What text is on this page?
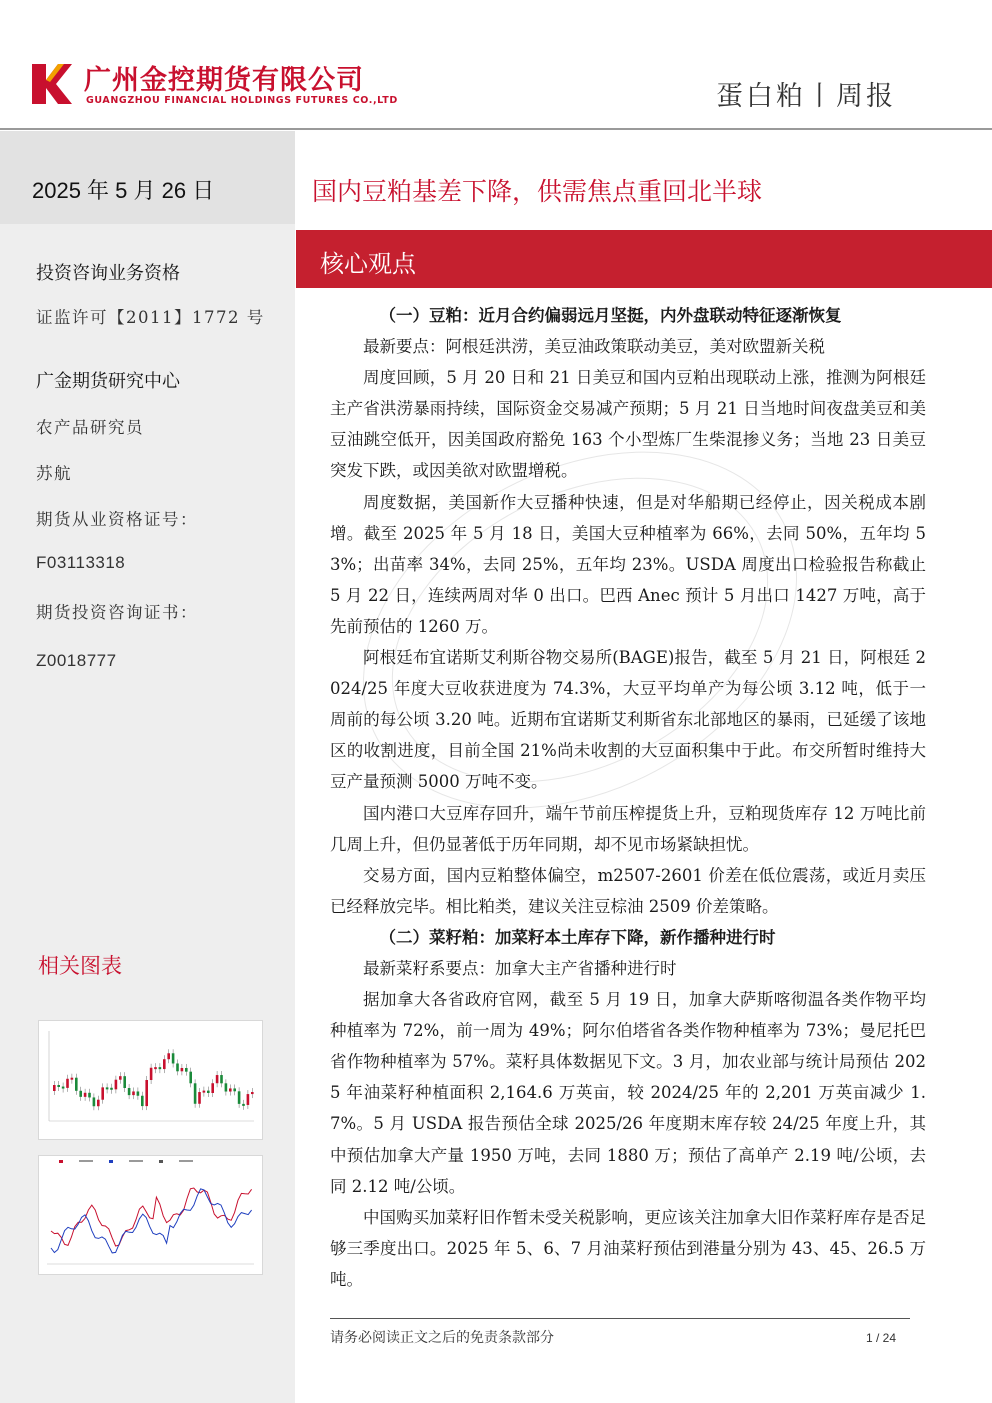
广州金控期货有限公司
GUANGZHOU FINANCIAL HOLDINGS FUTURES CO.,LTD	蛋白粕丨周报
2025 年 5 月 26 日
投资咨询业务资格
证监许可【2011】1772 号
广金期货研究中心
农产品研究员
苏航
期货从业资格证号：
F03113318
期货投资咨询证书：
Z0018777
相关图表
国内豆粕基差下降，供需焦点重回北半球
核心观点

（一）豆粕：近月合约偏弱远月坚挺，内外盘联动特征逐渐恢复

最新要点：阿根廷洪涝，美豆油政策联动美豆，美对欧盟新关税

周度回顾，5 月 20 日和 21 日美豆和国内豆粕出现联动上涨，推测为阿根廷主产省洪涝暴雨持续，国际资金交易减产预期；5 月 21 日当地时间夜盘美豆和美豆油跳空低开，因美国政府豁免 163 个小型炼厂生柴混掺义务；当地 23 日美豆突发下跌，或因美欲对欧盟增税。

周度数据，美国新作大豆播种快速，但是对华船期已经停止，因关税成本剧增。截至 2025 年 5 月 18 日，美国大豆种植率为 66%，去同 50%，五年均 53%；出苗率 34%，去同 25%，五年均 23%。USDA 周度出口检验报告称截止 5 月 22 日，连续两周对华 0 出口。巴西 Anec 预计 5 月出口 1427 万吨，高于先前预估的 1260 万。

阿根廷布宜诺斯艾利斯谷物交易所(BAGE)报告，截至 5 月 21 日，阿根廷 2024/25 年度大豆收获进度为 74.3%，大豆平均单产为每公顷 3.12 吨，低于一周前的每公顷 3.20 吨。近期布宜诺斯艾利斯省东北部地区的暴雨，已延缓了该地区的收割进度，目前全国 21%尚未收割的大豆面积集中于此。布交所暂时维持大豆产量预测 5000 万吨不变。

国内港口大豆库存回升，端午节前压榨提货上升，豆粕现货库存 12 万吨比前几周上升，但仍显著低于历年同期，却不见市场紧缺担忧。

交易方面，国内豆粕整体偏空，m2507-2601 价差在低位震荡，或近月卖压已经释放完毕。相比粕类，建议关注豆棕油 2509 价差策略。

（二）菜籽粕：加菜籽本土库存下降，新作播种进行时

最新菜籽系要点：加拿大主产省播种进行时

据加拿大各省政府官网，截至 5 月 19 日，加拿大萨斯喀彻温各类作物平均种植率为 72%，前一周为 49%；阿尔伯塔省各类作物种植率为 73%；曼尼托巴省作物种植率为 57%。菜籽具体数据见下文。3 月，加农业部与统计局预估 2025 年油菜籽种植面积 2,164.6 万英亩，较 2024/25 年的 2,201 万英亩减少 1.7%。5 月 USDA 报告预估全球 2025/26 年度期末库存较 24/25 年度上升，其中预估加拿大产量 1950 万吨，去同 1880 万；预估了高单产 2.19 吨/公顷，去同 2.12 吨/公顷。

中国购买加菜籽旧作暂未受关税影响，更应该关注加拿大旧作菜籽库存是否足够三季度出口。2025 年 5、6、7 月油菜籽预估到港量分别为 43、45、26.5 万吨。

请务必阅读正文之后的免责条款部分	1 / 24
